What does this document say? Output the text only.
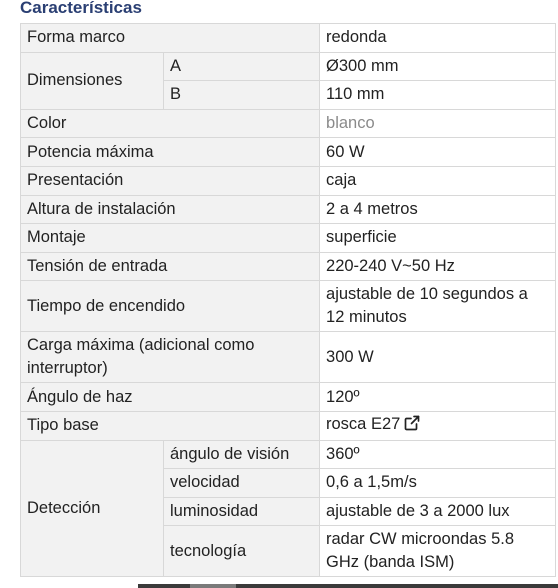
Características
Forma marco		redonda
Dimensiones	A	Ø300 mm
	B	110 mm
Color		blanco
Potencia máxima		60 W
Presentación		caja
Altura de instalación		2 a 4 metros
Montaje		superficie
Tensión de entrada		220-240 V~50 Hz
Tiempo de encendido		ajustable de 10 segundos a 12 minutos
Carga máxima (adicional como interruptor)		300 W
Ángulo de haz		120º
Tipo base		rosca E27
Detección	ángulo de visión	360º
	velocidad	0,6 a 1,5m/s
	luminosidad	ajustable de 3 a 2000 lux
	tecnología	radar CW microondas 5.8 GHz (banda ISM)
